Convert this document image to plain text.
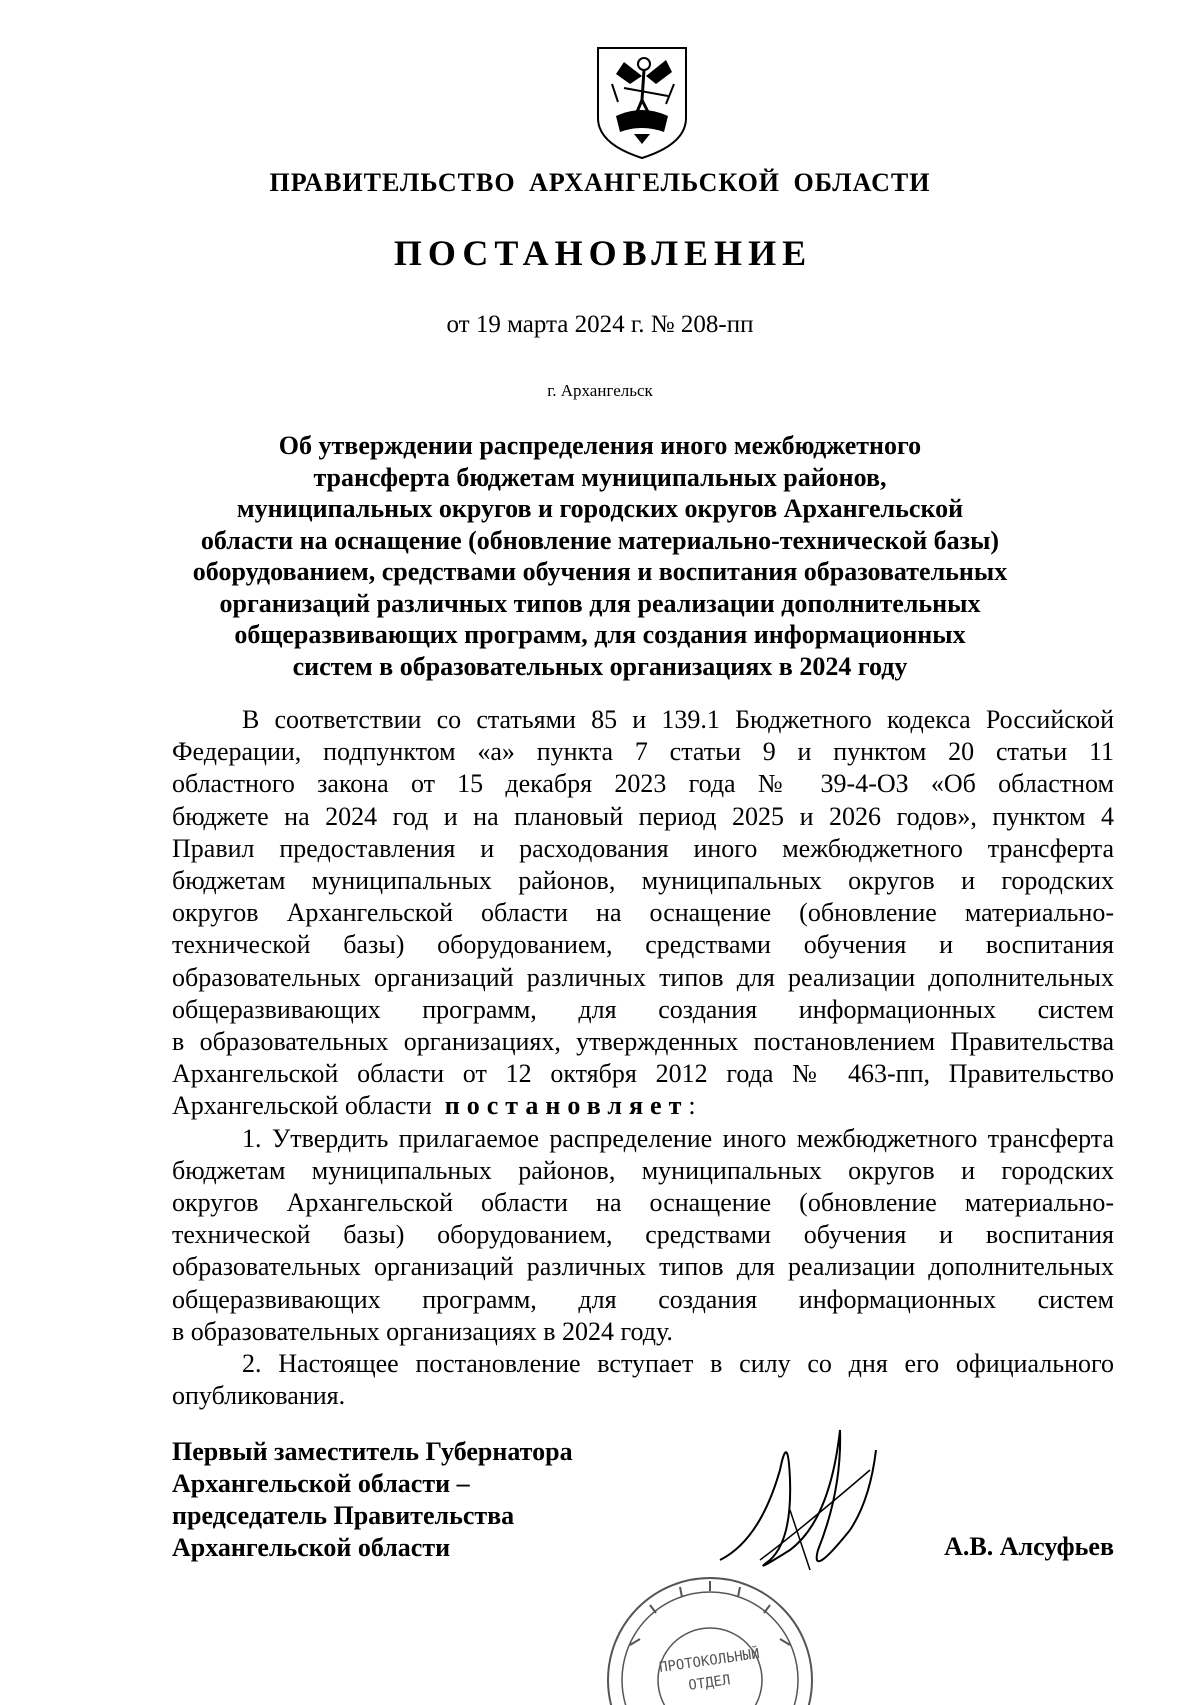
ПРАВИТЕЛЬСТВО АРХАНГЕЛЬСКОЙ ОБЛАСТИ
ПОСТАНОВЛЕНИЕ
от 19 марта 2024 г. № 208-пп
г. Архангельск
Об утверждении распределения иного межбюджетного
трансферта бюджетам муниципальных районов,
муниципальных округов и городских округов Архангельской
области на оснащение (обновление материально-технической базы)
оборудованием, средствами обучения и воспитания образовательных
организаций различных типов для реализации дополнительных
общеразвивающих программ, для создания информационных
систем в образовательных организациях в 2024 году
В соответствии со статьями 85 и 139.1 Бюджетного кодекса Российской
Федерации, подпунктом «а» пункта 7 статьи 9 и пунктом 20 статьи 11
областного закона от 15 декабря 2023 года № 39-4-ОЗ «Об областном
бюджете на 2024 год и на плановый период 2025 и 2026 годов», пунктом 4
Правил предоставления и расходования иного межбюджетного трансферта
бюджетам муниципальных районов, муниципальных округов и городских
округов Архангельской области на оснащение (обновление материально-
технической базы) оборудованием, средствами обучения и воспитания
образовательных организаций различных типов для реализации дополнительных
общеразвивающих программ, для создания информационных систем
в образовательных организациях, утвержденных постановлением Правительства
Архангельской области от 12 октября 2012 года № 463-пп, Правительство
Архангельской области постановляет:
1. Утвердить прилагаемое распределение иного межбюджетного трансферта
бюджетам муниципальных районов, муниципальных округов и городских
округов Архангельской области на оснащение (обновление материально-
технической базы) оборудованием, средствами обучения и воспитания
образовательных организаций различных типов для реализации дополнительных
общеразвивающих программ, для создания информационных систем
в образовательных организациях в 2024 году.
2. Настоящее постановление вступает в силу со дня его официального
опубликования.
Первый заместитель Губернатора
Архангельской области –
председатель Правительства
Архангельской области	А.В. Алсуфьев
ПРОТОКОЛЬНЫЙ
ОТДЕЛ
